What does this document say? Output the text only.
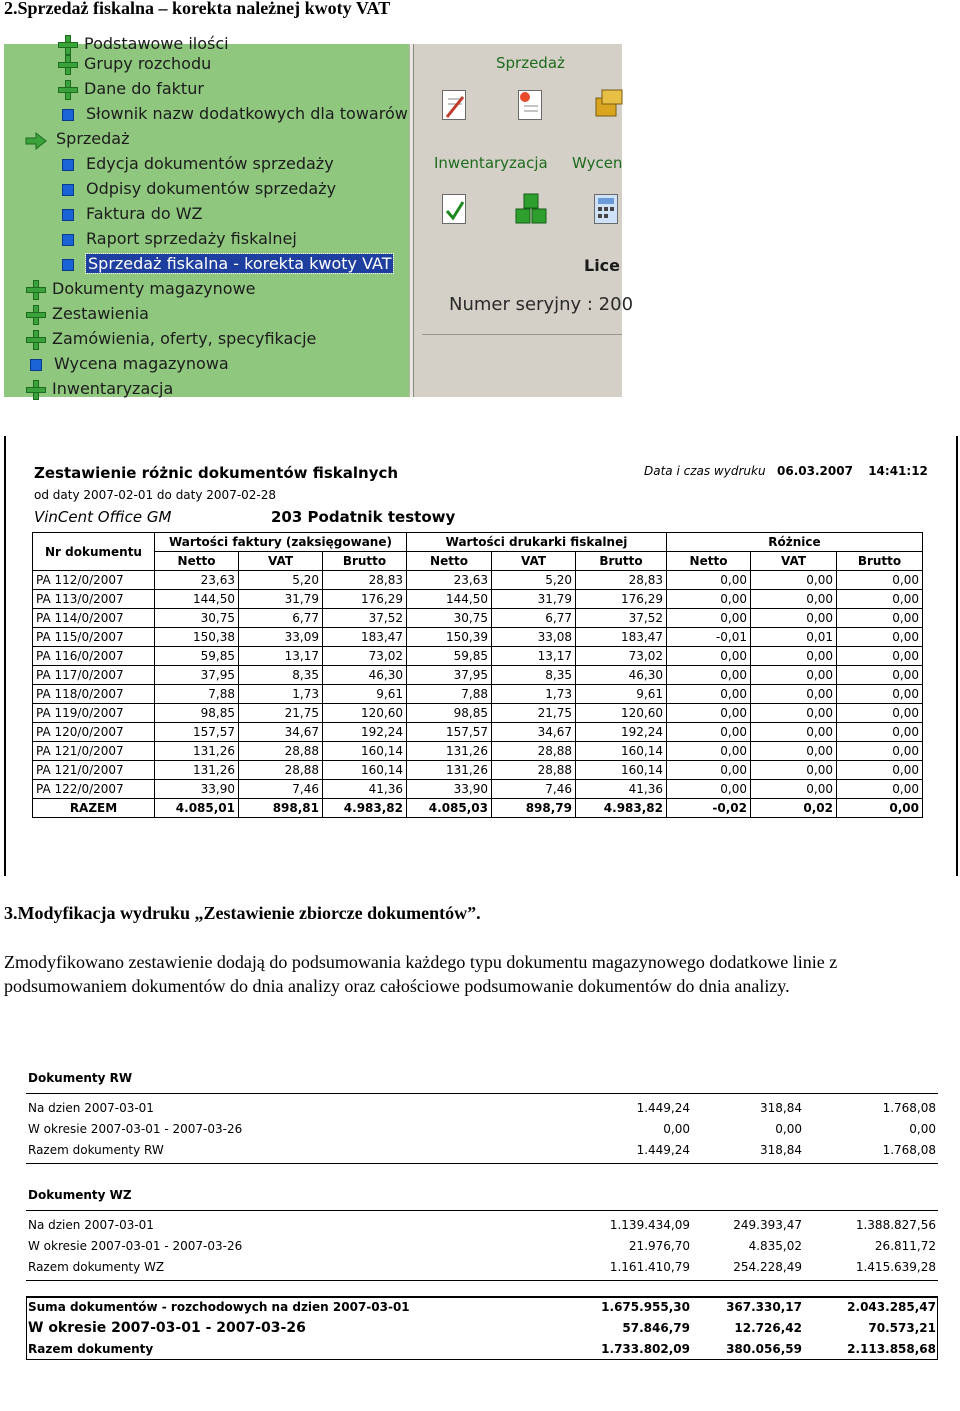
2.Sprzedaż fiskalna – korekta należnej kwoty VAT
Podstawowe ilości
Grupy rozchodu
Dane do faktur
Słownik nazw dodatkowych dla towarów
Sprzedaż
Edycja dokumentów sprzedaży
Odpisy dokumentów sprzedaży
Faktura do WZ
Raport sprzedaży fiskalnej
Sprzedaż fiskalna - korekta kwoty VAT
Dokumenty magazynowe
Zestawienia
Zamówienia, oferty, specyfikacje
Wycena magazynowa
Inwentaryzacja
Sprzedaż
Inwentaryzacja Wycen
Lice
Numer seryjny : 200
Zestawienie różnic dokumentów fiskalnych	Data i czas wydruku 06.03.2007 14:41:12
od daty 2007-02-01 do daty 2007-02-28
VinCent Office GM	203 Podatnik testowy
Nr dokumentu	Wartości faktury (zaksięgowane)			Wartości drukarki fiskalnej			Różnice		
	Netto	VAT	Brutto	Netto	VAT	Brutto	Netto	VAT	Brutto
PA 112/0/2007	23,63	5,20	28,83	23,63	5,20	28,83	0,00	0,00	0,00
PA 113/0/2007	144,50	31,79	176,29	144,50	31,79	176,29	0,00	0,00	0,00
PA 114/0/2007	30,75	6,77	37,52	30,75	6,77	37,52	0,00	0,00	0,00
PA 115/0/2007	150,38	33,09	183,47	150,39	33,08	183,47	-0,01	0,01	0,00
PA 116/0/2007	59,85	13,17	73,02	59,85	13,17	73,02	0,00	0,00	0,00
PA 117/0/2007	37,95	8,35	46,30	37,95	8,35	46,30	0,00	0,00	0,00
PA 118/0/2007	7,88	1,73	9,61	7,88	1,73	9,61	0,00	0,00	0,00
PA 119/0/2007	98,85	21,75	120,60	98,85	21,75	120,60	0,00	0,00	0,00
PA 120/0/2007	157,57	34,67	192,24	157,57	34,67	192,24	0,00	0,00	0,00
PA 121/0/2007	131,26	28,88	160,14	131,26	28,88	160,14	0,00	0,00	0,00
PA 121/0/2007	131,26	28,88	160,14	131,26	28,88	160,14	0,00	0,00	0,00
PA 122/0/2007	33,90	7,46	41,36	33,90	7,46	41,36	0,00	0,00	0,00
RAZEM	4.085,01	898,81	4.983,82	4.085,03	898,79	4.983,82	-0,02	0,02	0,00
3.Modyfikacja wydruku „Zestawienie zbiorcze dokumentów”.

Zmodyfikowano zestawienie dodają do podsumowania każdego typu dokumentu magazynowego dodatkowe linie z podsumowaniem dokumentów do dnia analizy oraz całościowe podsumowanie dokumentów do dnia analizy.

Dokumenty RW
Dokumenty WZ
Na dzien 2007-03-01	1.449,24	318,84	1.768,08
W okresie 2007-03-01 - 2007-03-26	0,00	0,00	0,00
Razem dokumenty RW	1.449,24	318,84	1.768,08
Na dzien 2007-03-01	1.139.434,09	249.393,47	1.388.827,56
W okresie 2007-03-01 - 2007-03-26	21.976,70	4.835,02	26.811,72
Razem dokumenty WZ	1.161.410,79	254.228,49	1.415.639,28
Suma dokumentów - rozchodowych na dzien 2007-03-01	1.675.955,30	367.330,17	2.043.285,47
W okresie 2007-03-01 - 2007-03-26	57.846,79	12.726,42	70.573,21
Razem dokumenty	1.733.802,09	380.056,59	2.113.858,68
